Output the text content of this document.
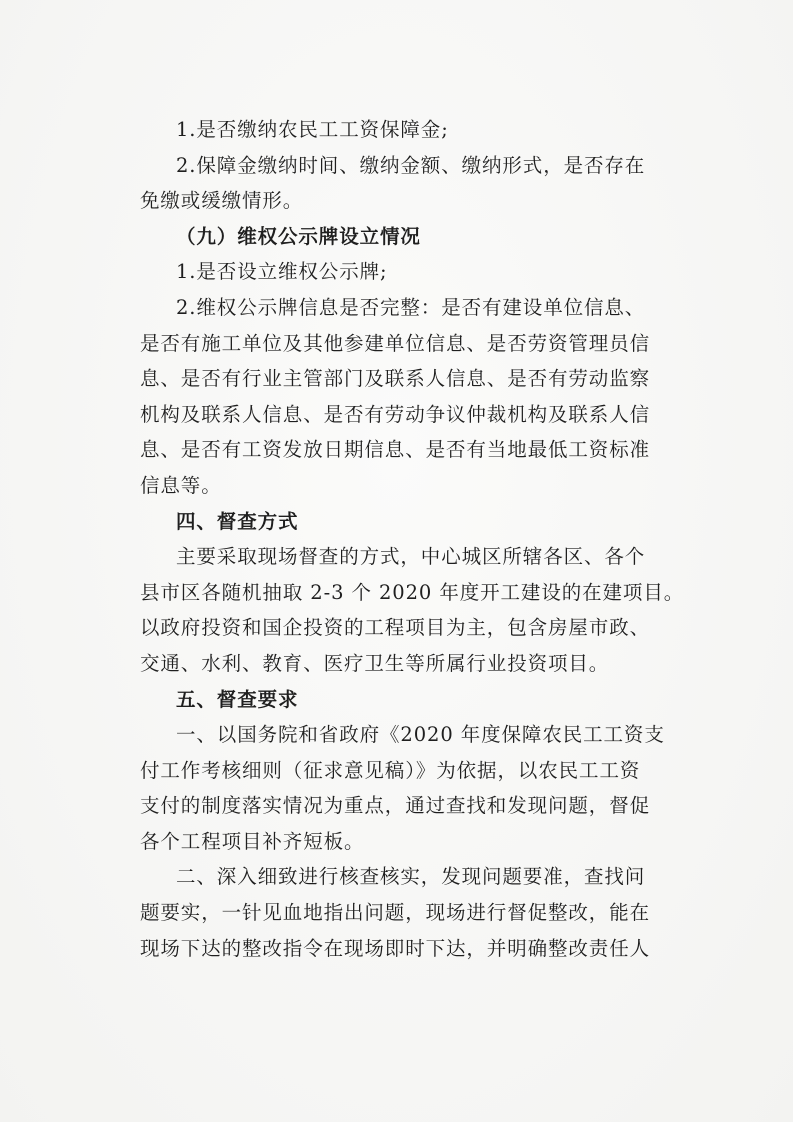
1.是否缴纳农民工工资保障金;
2.保障金缴纳时间、缴纳金额、缴纳形式，是否存在
免缴或缓缴情形。
（九）维权公示牌设立情况
1.是否设立维权公示牌;
2.维权公示牌信息是否完整：是否有建设单位信息、
是否有施工单位及其他参建单位信息、是否劳资管理员信
息、是否有行业主管部门及联系人信息、是否有劳动监察
机构及联系人信息、是否有劳动争议仲裁机构及联系人信
息、是否有工资发放日期信息、是否有当地最低工资标准
信息等。
四、督查方式
主要采取现场督查的方式，中心城区所辖各区、各个
县市区各随机抽取 2-3 个 2020 年度开工建设的在建项目。
以政府投资和国企投资的工程项目为主，包含房屋市政、
交通、水利、教育、医疗卫生等所属行业投资项目。
五、督查要求
一、以国务院和省政府《2020 年度保障农民工工资支
付工作考核细则（征求意见稿）》为依据，以农民工工资
支付的制度落实情况为重点，通过查找和发现问题，督促
各个工程项目补齐短板。
二、深入细致进行核查核实，发现问题要准，查找问
题要实，一针见血地指出问题，现场进行督促整改，能在
现场下达的整改指令在现场即时下达，并明确整改责任人
